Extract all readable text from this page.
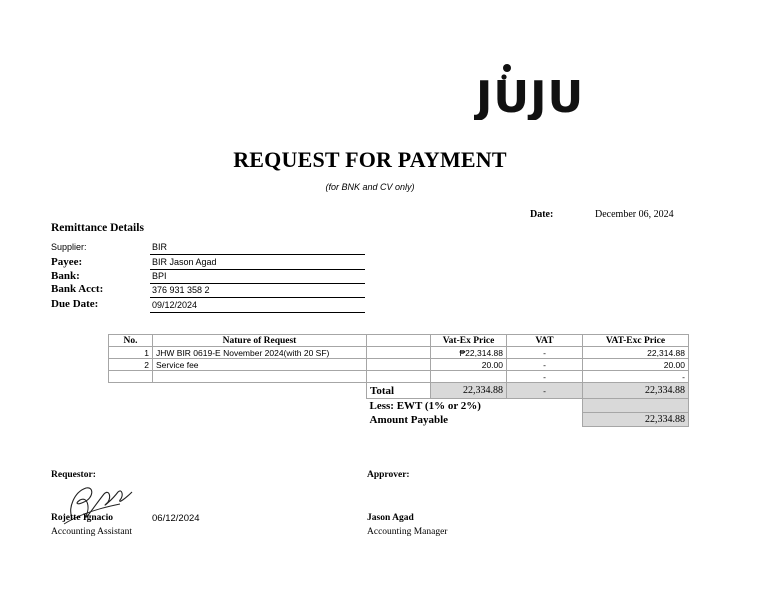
JUJU
REQUEST FOR PAYMENT
(for BNK and CV only)
Date:	December 06, 2024
Remittance Details
Supplier:	BIR
Payee:	BIR Jason Agad
Bank:	BPI
Bank Acct:	376 931 358 2
Due Date:	09/12/2024
No.	Nature of Request		Vat-Ex Price	VAT	VAT-Exc Price
1	JHW BIR 0619-E November 2024(with 20 SF)		₱22,314.88	-	22,314.88
2	Service fee		20.00	-	20.00
				-	-
		Total	22,334.88	-	22,334.88
		Less: EWT (1% or 2%)			
		Amount Payable			22,334.88
Requestor:
Rojette Ignacio	06/12/2024
Accounting Assistant
Approver:
Jason Agad
Accounting Manager
